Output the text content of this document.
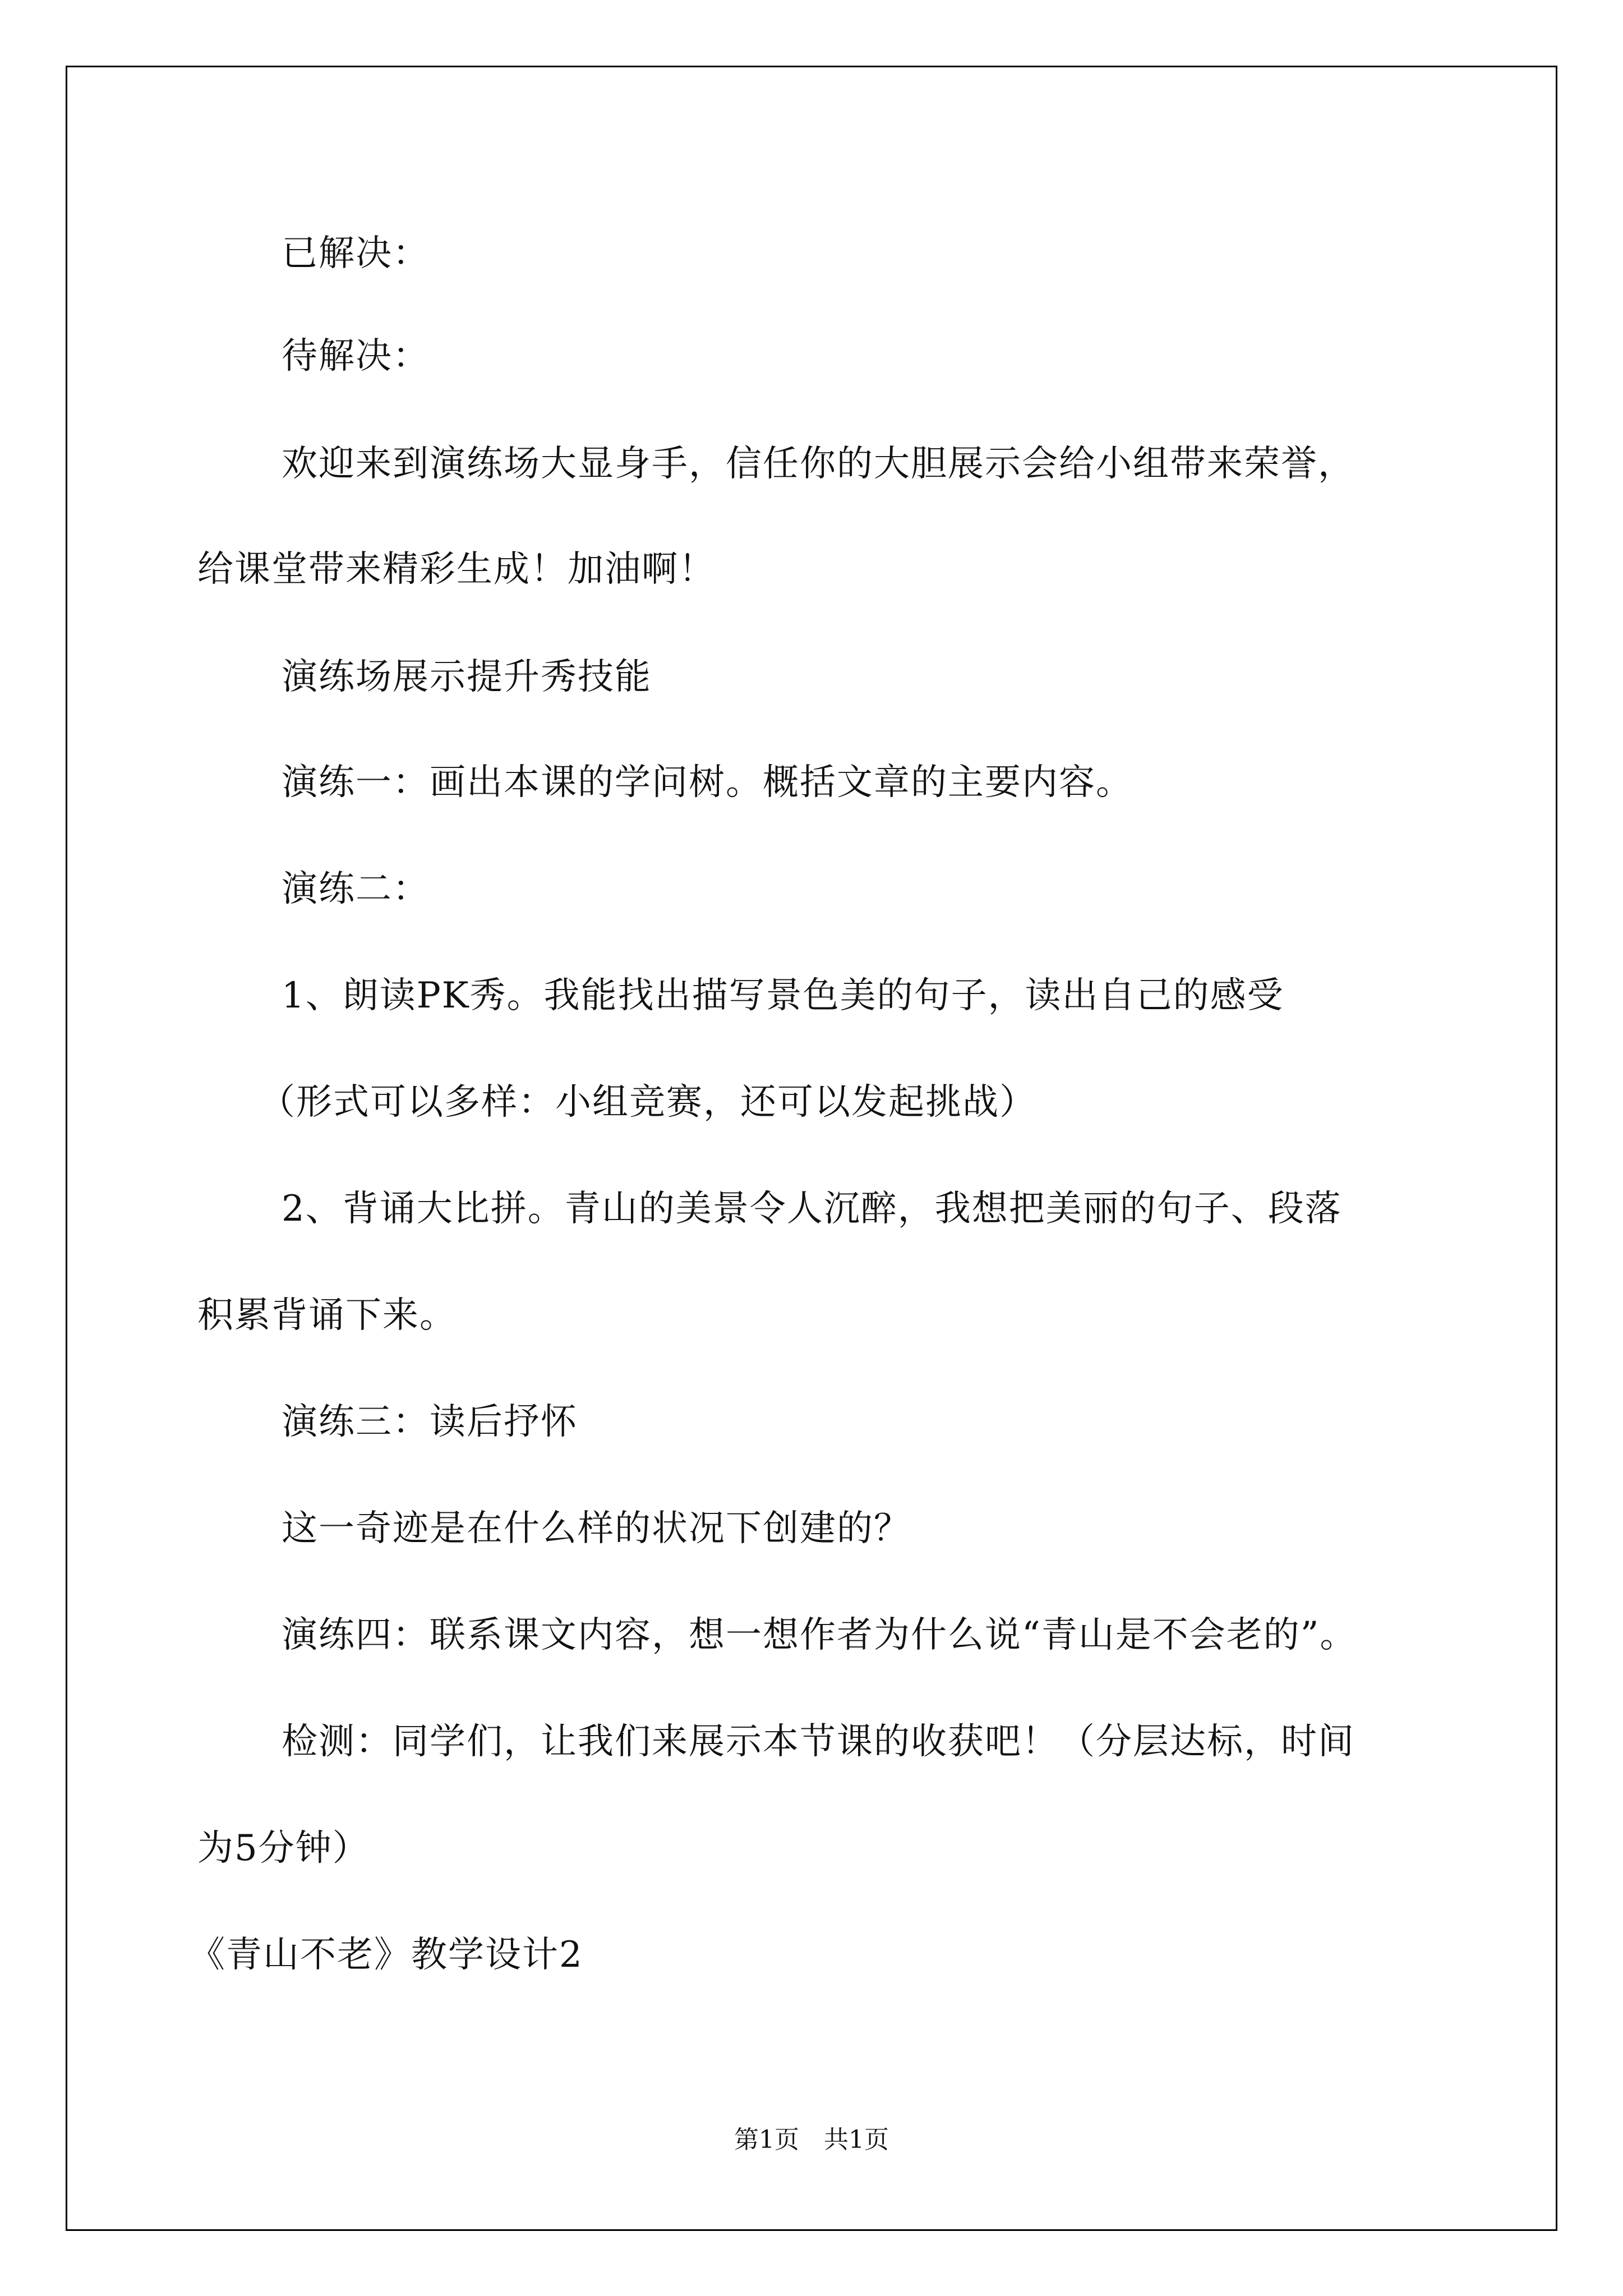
已解决：
待解决：
欢迎来到演练场大显身手，信任你的大胆展示会给小组带来荣誉，
给课堂带来精彩生成！加油啊！
演练场展示提升秀技能
演练一：画出本课的学问树。概括文章的主要内容。
演练二：
1、朗读PK秀。我能找出描写景色美的句子，读出自己的感受
（形式可以多样：小组竞赛，还可以发起挑战）
2、背诵大比拼。青山的美景令人沉醉，我想把美丽的句子、段落
积累背诵下来。
演练三：读后抒怀
这一奇迹是在什么样的状况下创建的？
演练四：联系课文内容，想一想作者为什么说“青山是不会老的”。
检测：同学们，让我们来展示本节课的收获吧！（分层达标，时间
为5分钟）
《青山不老》教学设计2
第1页　共1页
